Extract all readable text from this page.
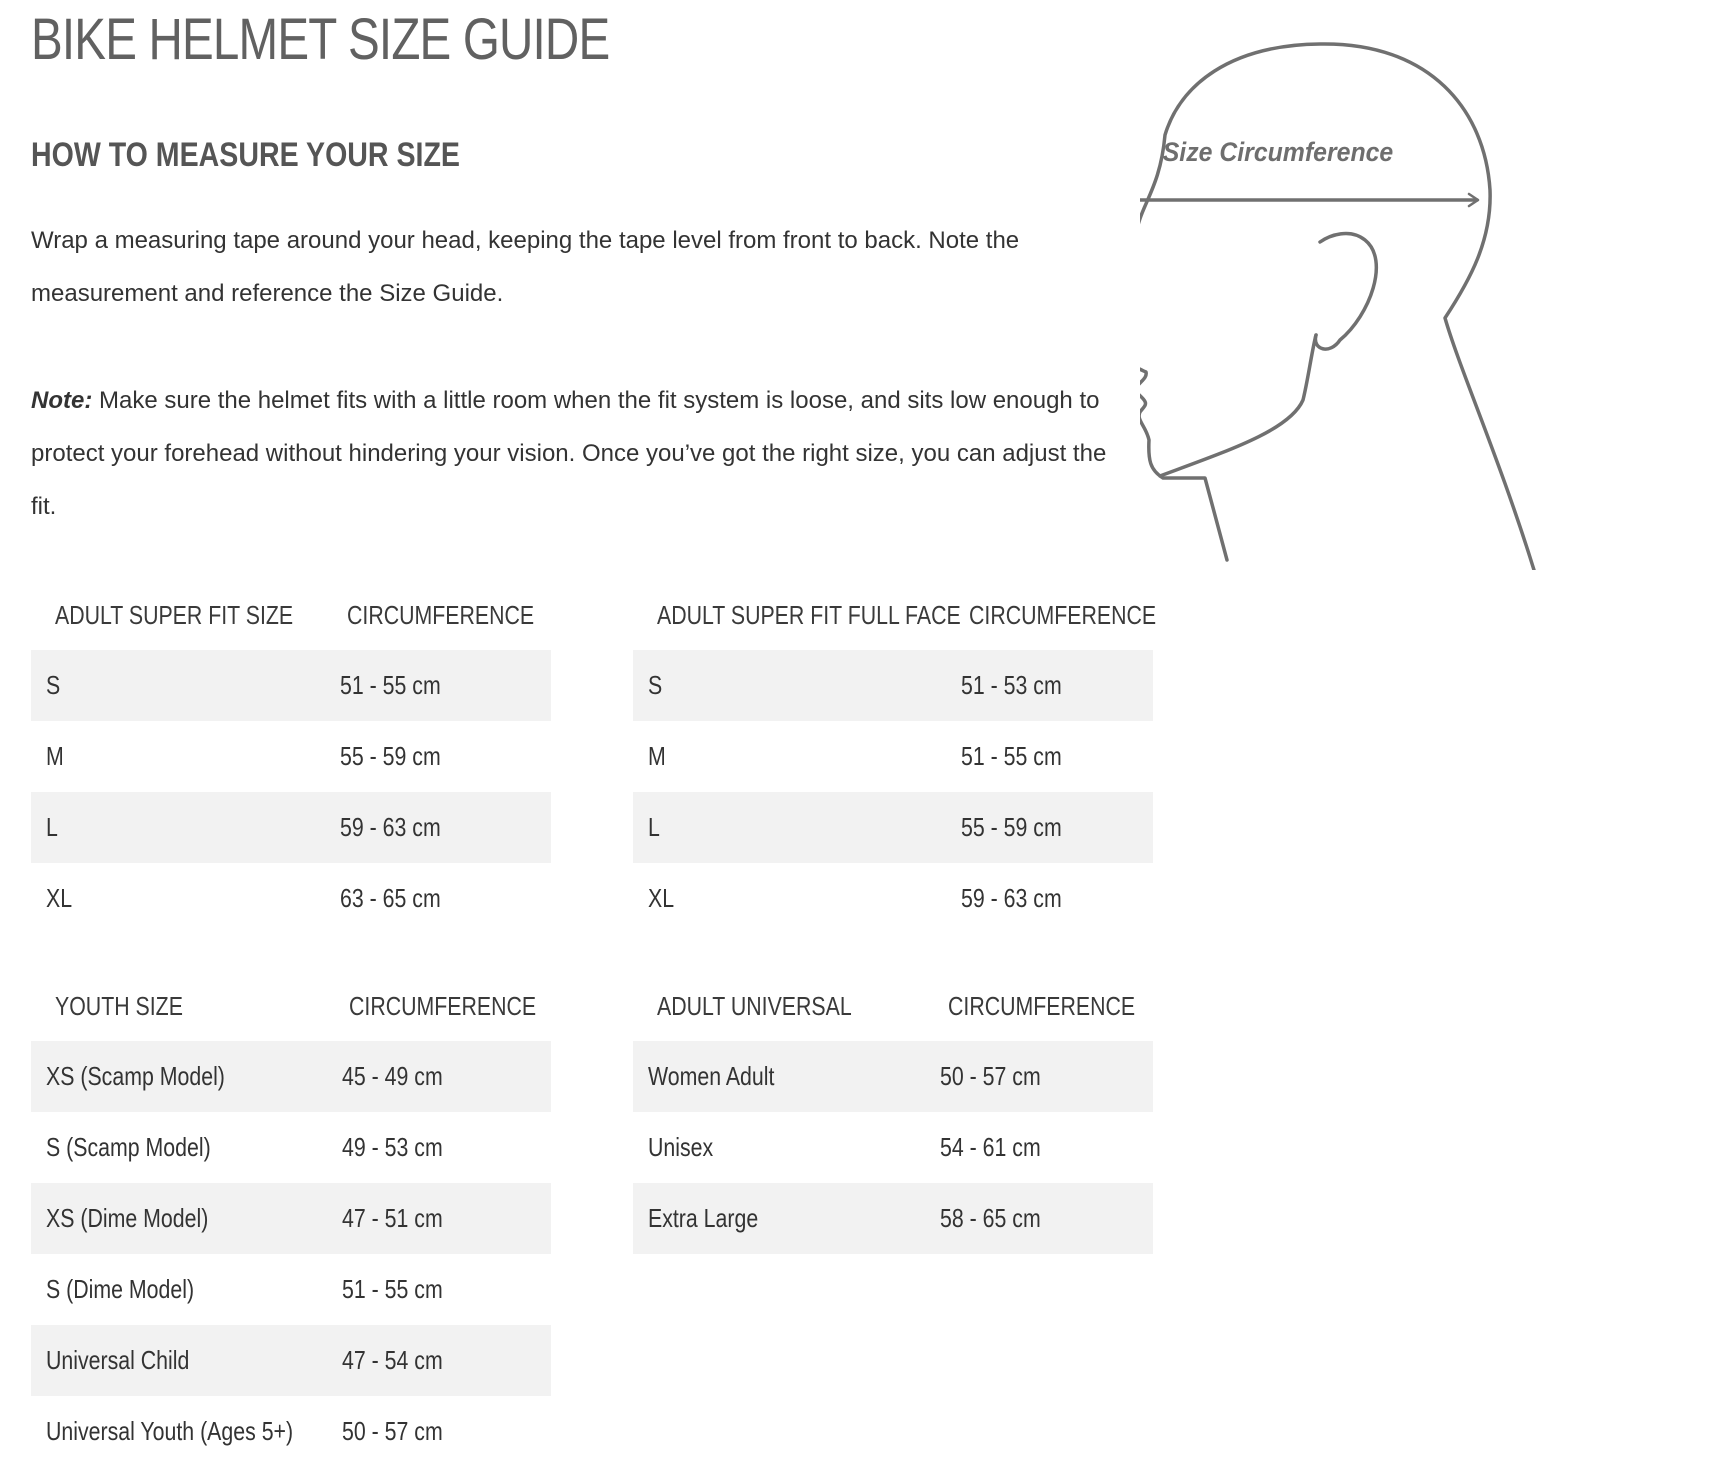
BIKE HELMET SIZE GUIDE
HOW TO MEASURE YOUR SIZE

Wrap a measuring tape around your head, keeping the tape level from front to back. Note the measurement and reference the Size Guide.

Note: Make sure the helmet fits with a little room when the fit system is loose, and sits low enough to protect your forehead without hindering your vision. Once you’ve got the right size, you can adjust the fit.

ADULT SUPER FIT SIZE CIRCUMFERENCE
S	51 - 55 cm
M	55 - 59 cm
L	59 - 63 cm
XL	63 - 65 cm
ADULT SUPER FIT FULL FACE CIRCUMFERENCE
S	51 - 53 cm
M	51 - 55 cm
L	55 - 59 cm
XL	59 - 63 cm
YOUTH SIZE	CIRCUMFERENCE
XS (Scamp Model)	45 - 49 cm
S (Scamp Model)	49 - 53 cm
XS (Dime Model)	47 - 51 cm
S (Dime Model)	51 - 55 cm
Universal Child	47 - 54 cm
Universal Youth (Ages 5+) 50 - 57 cm
ADULT UNIVERSAL	CIRCUMFERENCE
Women Adult	50 - 57 cm
Unisex	54 - 61 cm
Extra Large	58 - 65 cm
Size Circumference
